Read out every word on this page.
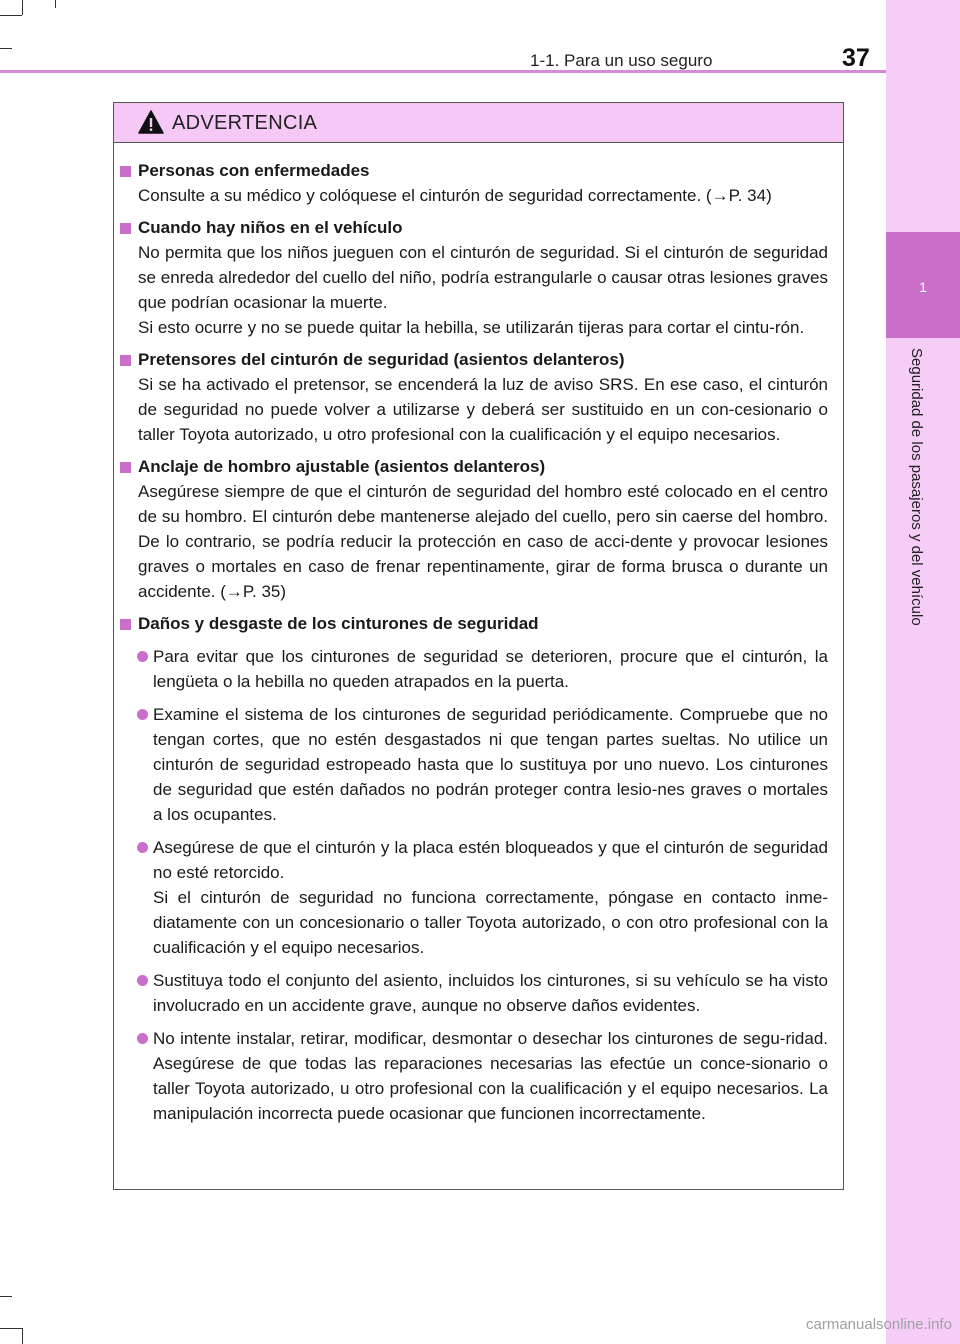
1-1. Para un uso seguro	37
1
Seguridad de los pasajeros y del vehículo
ADVERTENCIA
Personas con enfermedades
Consulte a su médico y colóquese el cinturón de seguridad correctamente. (→P. 34)
Cuando hay niños en el vehículo
No permita que los niños jueguen con el cinturón de seguridad. Si el cinturón de seguridad se enreda alrededor del cuello del niño, podría estrangularle o causar otras lesiones graves que podrían ocasionar la muerte.
Si esto ocurre y no se puede quitar la hebilla, se utilizarán tijeras para cortar el cintu-rón.
Pretensores del cinturón de seguridad (asientos delanteros)
Si se ha activado el pretensor, se encenderá la luz de aviso SRS. En ese caso, el cinturón de seguridad no puede volver a utilizarse y deberá ser sustituido en un con-cesionario o taller Toyota autorizado, u otro profesional con la cualificación y el equipo necesarios.
Anclaje de hombro ajustable (asientos delanteros)
Asegúrese siempre de que el cinturón de seguridad del hombro esté colocado en el centro de su hombro. El cinturón debe mantenerse alejado del cuello, pero sin caerse del hombro. De lo contrario, se podría reducir la protección en caso de acci-dente y provocar lesiones graves o mortales en caso de frenar repentinamente, girar de forma brusca o durante un accidente. (→P. 35)
Daños y desgaste de los cinturones de seguridad
Para evitar que los cinturones de seguridad se deterioren, procure que el cinturón, la lengüeta o la hebilla no queden atrapados en la puerta.
Examine el sistema de los cinturones de seguridad periódicamente. Compruebe que no tengan cortes, que no estén desgastados ni que tengan partes sueltas. No utilice un cinturón de seguridad estropeado hasta que lo sustituya por uno nuevo. Los cinturones de seguridad que estén dañados no podrán proteger contra lesio-nes graves o mortales a los ocupantes.
Asegúrese de que el cinturón y la placa estén bloqueados y que el cinturón de seguridad no esté retorcido.
Si el cinturón de seguridad no funciona correctamente, póngase en contacto inme-diatamente con un concesionario o taller Toyota autorizado, o con otro profesional con la cualificación y el equipo necesarios.
Sustituya todo el conjunto del asiento, incluidos los cinturones, si su vehículo se ha visto involucrado en un accidente grave, aunque no observe daños evidentes.
No intente instalar, retirar, modificar, desmontar o desechar los cinturones de segu-ridad. Asegúrese de que todas las reparaciones necesarias las efectúe un conce-sionario o taller Toyota autorizado, u otro profesional con la cualificación y el equipo necesarios. La manipulación incorrecta puede ocasionar que funcionen incorrectamente.
carmanualsonline.info
